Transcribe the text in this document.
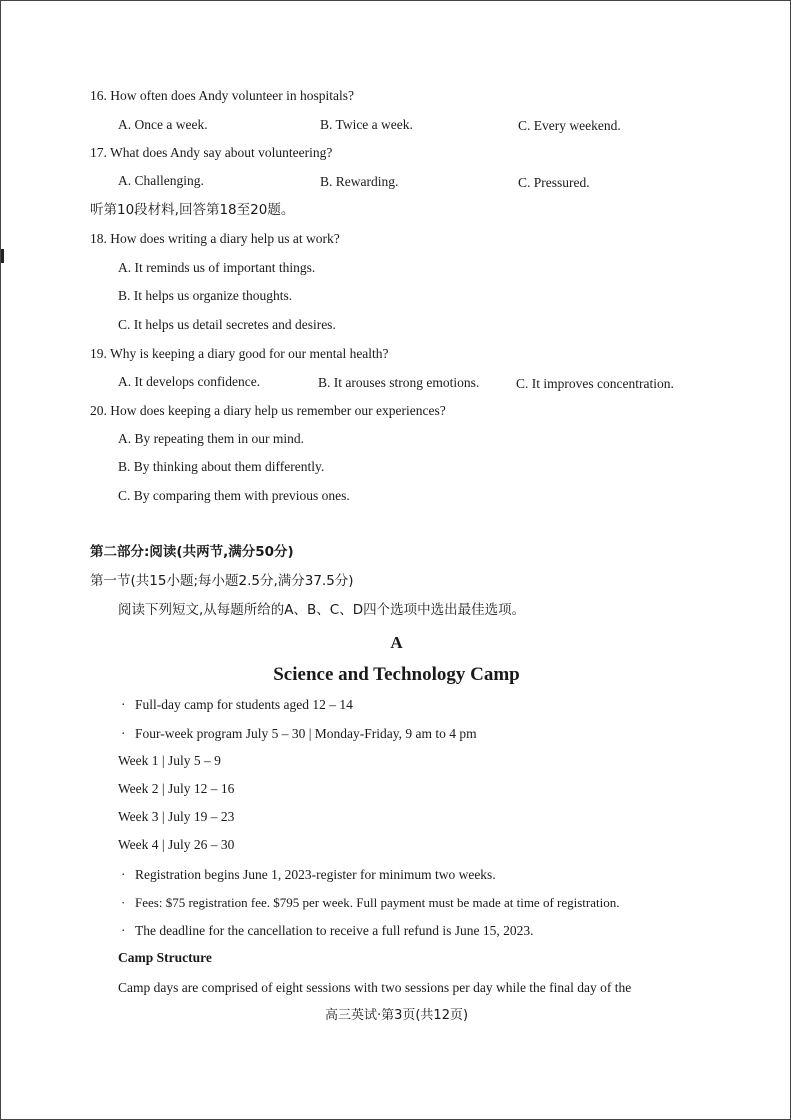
16. How often does Andy volunteer in hospitals?
A. Once a week.	B. Twice a week.	C. Every weekend.
17. What does Andy say about volunteering?
A. Challenging.	B. Rewarding.	C. Pressured.
听第10段材料,回答第18至20题。
18. How does writing a diary help us at work?
A. It reminds us of important things.
B. It helps us organize thoughts.
C. It helps us detail secretes and desires.
19. Why is keeping a diary good for our mental health?
A. It develops confidence.	B. It arouses strong emotions.	C. It improves concentration.
20. How does keeping a diary help us remember our experiences?
A. By repeating them in our mind.
B. By thinking about them differently.
C. By comparing them with previous ones.
第二部分:阅读(共两节,满分50分)
第一节(共15小题;每小题2.5分,满分37.5分)
阅读下列短文,从每题所给的A、B、C、D四个选项中选出最佳选项。
A
Science and Technology Camp
· Full-day camp for students aged 12 – 14
· Four-week program July 5 – 30 | Monday-Friday, 9 am to 4 pm
Week 1 | July 5 – 9
Week 2 | July 12 – 16
Week 3 | July 19 – 23
Week 4 | July 26 – 30
· Registration begins June 1, 2023-register for minimum two weeks.
· Fees: $75 registration fee. $795 per week. Full payment must be made at time of registration.
· The deadline for the cancellation to receive a full refund is June 15, 2023.
Camp Structure
Camp days are comprised of eight sessions with two sessions per day while the final day of the
高三英试·第3页(共12页)
